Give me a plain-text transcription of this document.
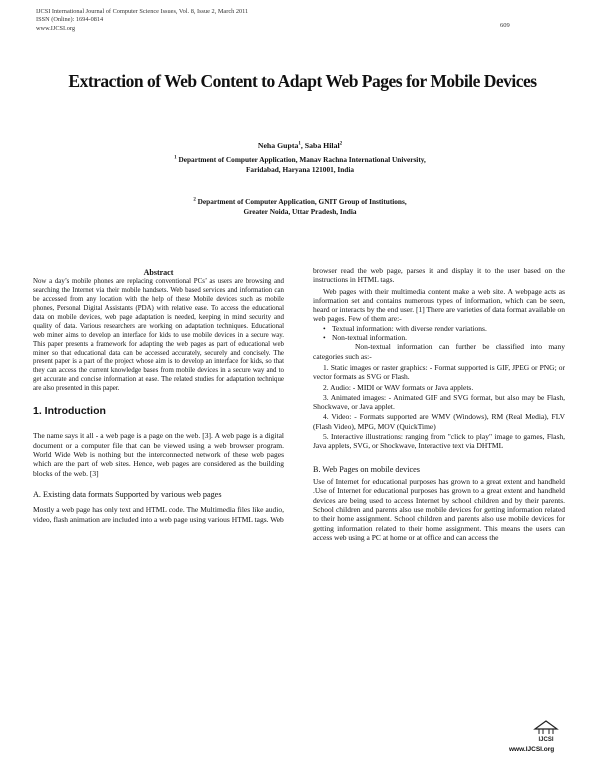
IJCSI International Journal of Computer Science Issues, Vol. 8, Issue 2, March 2011
ISSN (Online): 1694-0814
www.IJCSI.org	609
Extraction of Web Content to Adapt Web Pages for Mobile Devices
Neha Gupta$^1$, Saba Hilal$^2$
$^1$ Department of Computer Application, Manav Rachna International University,
Faridabad, Haryana 121001, India
$^2$ Department of Computer Application, GNIT Group of Institutions,
Greater Noida, Uttar Pradesh, India
Abstract

Now a day’s mobile phones are replacing conventional PCs’ as users are browsing and searching the Internet via their mobile handsets. Web based services and information can be accessed from any location with the help of these Mobile devices such as mobile phones, Personal Digital Assistants (PDA) with relative ease. To access the educational data on mobile devices, web page adaptation is needed, keeping in mind security and quality of data. Various researchers are working on adaptation techniques. Educational web miner aims to develop an interface for kids to use mobile devices in a secure way. This paper presents a framework for adapting the web pages as part of educational web miner so that educational data can be accessed accurately, securely and concisely. The present paper is a part of the project whose aim is to develop an interface for kids, so that they can access the current knowledge bases from mobile devices in a secure way and to get accurate and concise information at ease. The related studies for adaptation technique are also presented in this paper.

1. Introduction

The name says it all - a web page is a page on the web. [3]. A web page is a digital document or a computer file that can be viewed using a web browser program. World Wide Web is nothing but the interconnected network of these web pages which are the part of web sites. Hence, web pages are considered as the building blocks of the web. [3]

A. Existing data formats Supported by various web pages

Mostly a web page has only text and HTML code. The Multimedia files like audio, video, flash animation are included into a web page using various HTML tags. Web

browser read the web page, parses it and display it to the user based on the instructions in HTML tags.

Web pages with their multimedia content make a web site. A webpage acts as information set and contains numerous types of information, which can be seen, heard or interacts by the end user. [1] There are varieties of data format available on web pages. Few of them are:-

• Textual information: with diverse render variations.
• Non-textual information.

Non-textual information can further be classified into many categories such as:-

1. Static images or raster graphics: - Format supported is GIF, JPEG or PNG; or vector formats as SVG or Flash.

2. Audio: - MIDI or WAV formats or Java applets.

3. Animated images: - Animated GIF and SVG format, but also may be Flash, Shockwave, or Java applet.

4. Video: - Formats supported are WMV (Windows), RM (Real Media), FLV (Flash Video), MPG, MOV (QuickTime)

5. Interactive illustrations: ranging from "click to play" image to games, Flash, Java applets, SVG, or Shockwave, Interactive text via DHTML

B. Web Pages on mobile devices

Use of Internet for educational purposes has grown to a great extent and handheld .Use of Internet for educational purposes has grown to a great extent and handheld devices are being used to access Internet by school children and by their parents. School children and parents also use mobile devices for getting information related to their home assignment. School children and parents also use mobile devices for getting information related to their home assignment. This means the users can access web using a PC at home or at office and can access the

IJCSI
www.IJCSI.org
